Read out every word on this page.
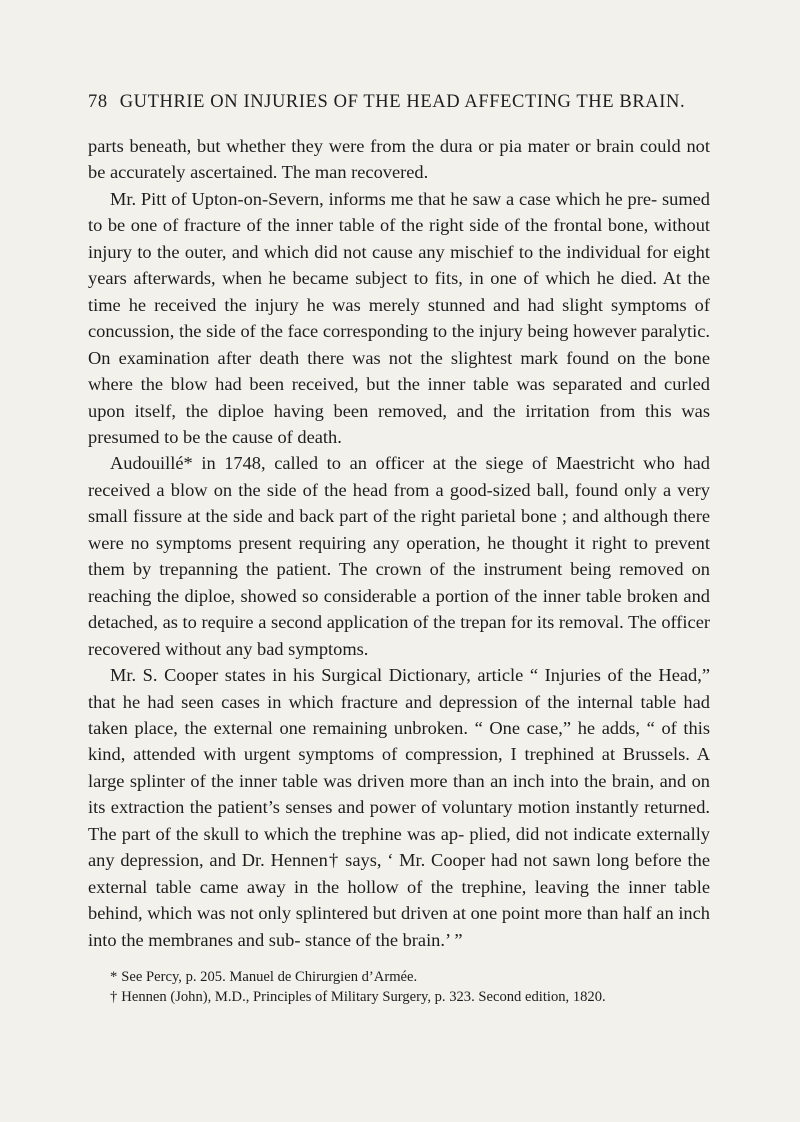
78 GUTHRIE ON INJURIES OF THE HEAD AFFECTING THE BRAIN.

parts beneath, but whether they were from the dura or pia mater or brain could not be accurately ascertained. The man recovered.

Mr. Pitt of Upton-on-Severn, informs me that he saw a case which he pre- sumed to be one of fracture of the inner table of the right side of the frontal bone, without injury to the outer, and which did not cause any mischief to the individual for eight years afterwards, when he became subject to fits, in one of which he died. At the time he received the injury he was merely stunned and had slight symptoms of concussion, the side of the face corresponding to the injury being however paralytic. On examination after death there was not the slightest mark found on the bone where the blow had been received, but the inner table was separated and curled upon itself, the diploe having been removed, and the irritation from this was presumed to be the cause of death.

Audouillé* in 1748, called to an officer at the siege of Maestricht who had received a blow on the side of the head from a good-sized ball, found only a very small fissure at the side and back part of the right parietal bone ; and although there were no symptoms present requiring any operation, he thought it right to prevent them by trepanning the patient. The crown of the instrument being removed on reaching the diploe, showed so considerable a portion of the inner table broken and detached, as to require a second application of the trepan for its removal. The officer recovered without any bad symptoms.

Mr. S. Cooper states in his Surgical Dictionary, article “ Injuries of the Head,” that he had seen cases in which fracture and depression of the internal table had taken place, the external one remaining unbroken. “ One case,” he adds, “ of this kind, attended with urgent symptoms of compression, I trephined at Brussels. A large splinter of the inner table was driven more than an inch into the brain, and on its extraction the patient’s senses and power of voluntary motion instantly returned. The part of the skull to which the trephine was ap- plied, did not indicate externally any depression, and Dr. Hennen† says, ‘ Mr. Cooper had not sawn long before the external table came away in the hollow of the trephine, leaving the inner table behind, which was not only splintered but driven at one point more than half an inch into the membranes and sub- stance of the brain.’ ”

* See Percy, p. 205. Manuel de Chirurgien d’Armée.

† Hennen (John), M.D., Principles of Military Surgery, p. 323. Second edition, 1820.
